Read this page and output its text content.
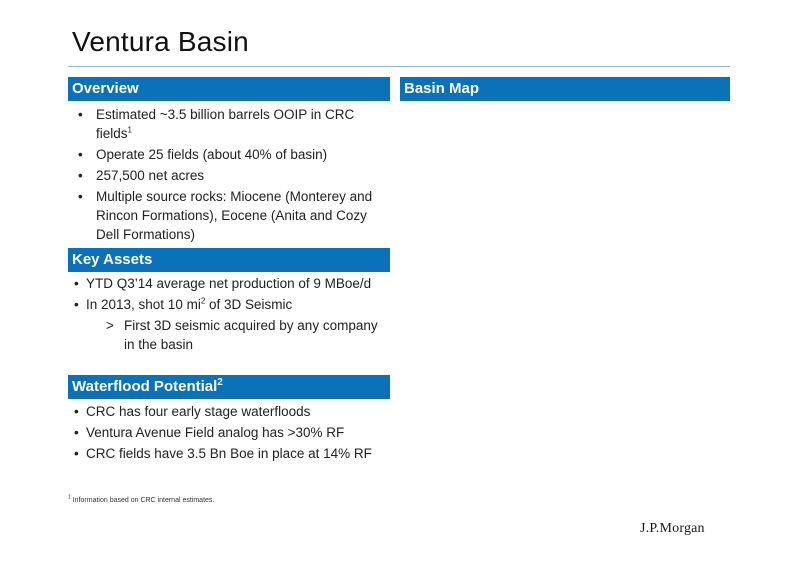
Ventura Basin
Overview
• Estimated ~3.5 billion barrels OOIP in CRC fields$^1$
• Operate 25 fields (about 40% of basin)
• 257,500 net acres
• Multiple source rocks: Miocene (Monterey and Rincon Formations), Eocene (Anita and Cozy Dell Formations)
Basin Map
Key Assets
• YTD Q3’14 average net production of 9 MBoe/d
• In 2013, shot 10 $mi^2$ of 3D Seismic
> First 3D seismic acquired by any company in the basin
Waterflood Potential$^2$
• CRC has four early stage waterfloods
• Ventura Avenue Field analog has >30% RF
• CRC fields have 3.5 Bn Boe in place at 14% RF
$^1$ Information based on CRC internal estimates.
J.P.Morgan
